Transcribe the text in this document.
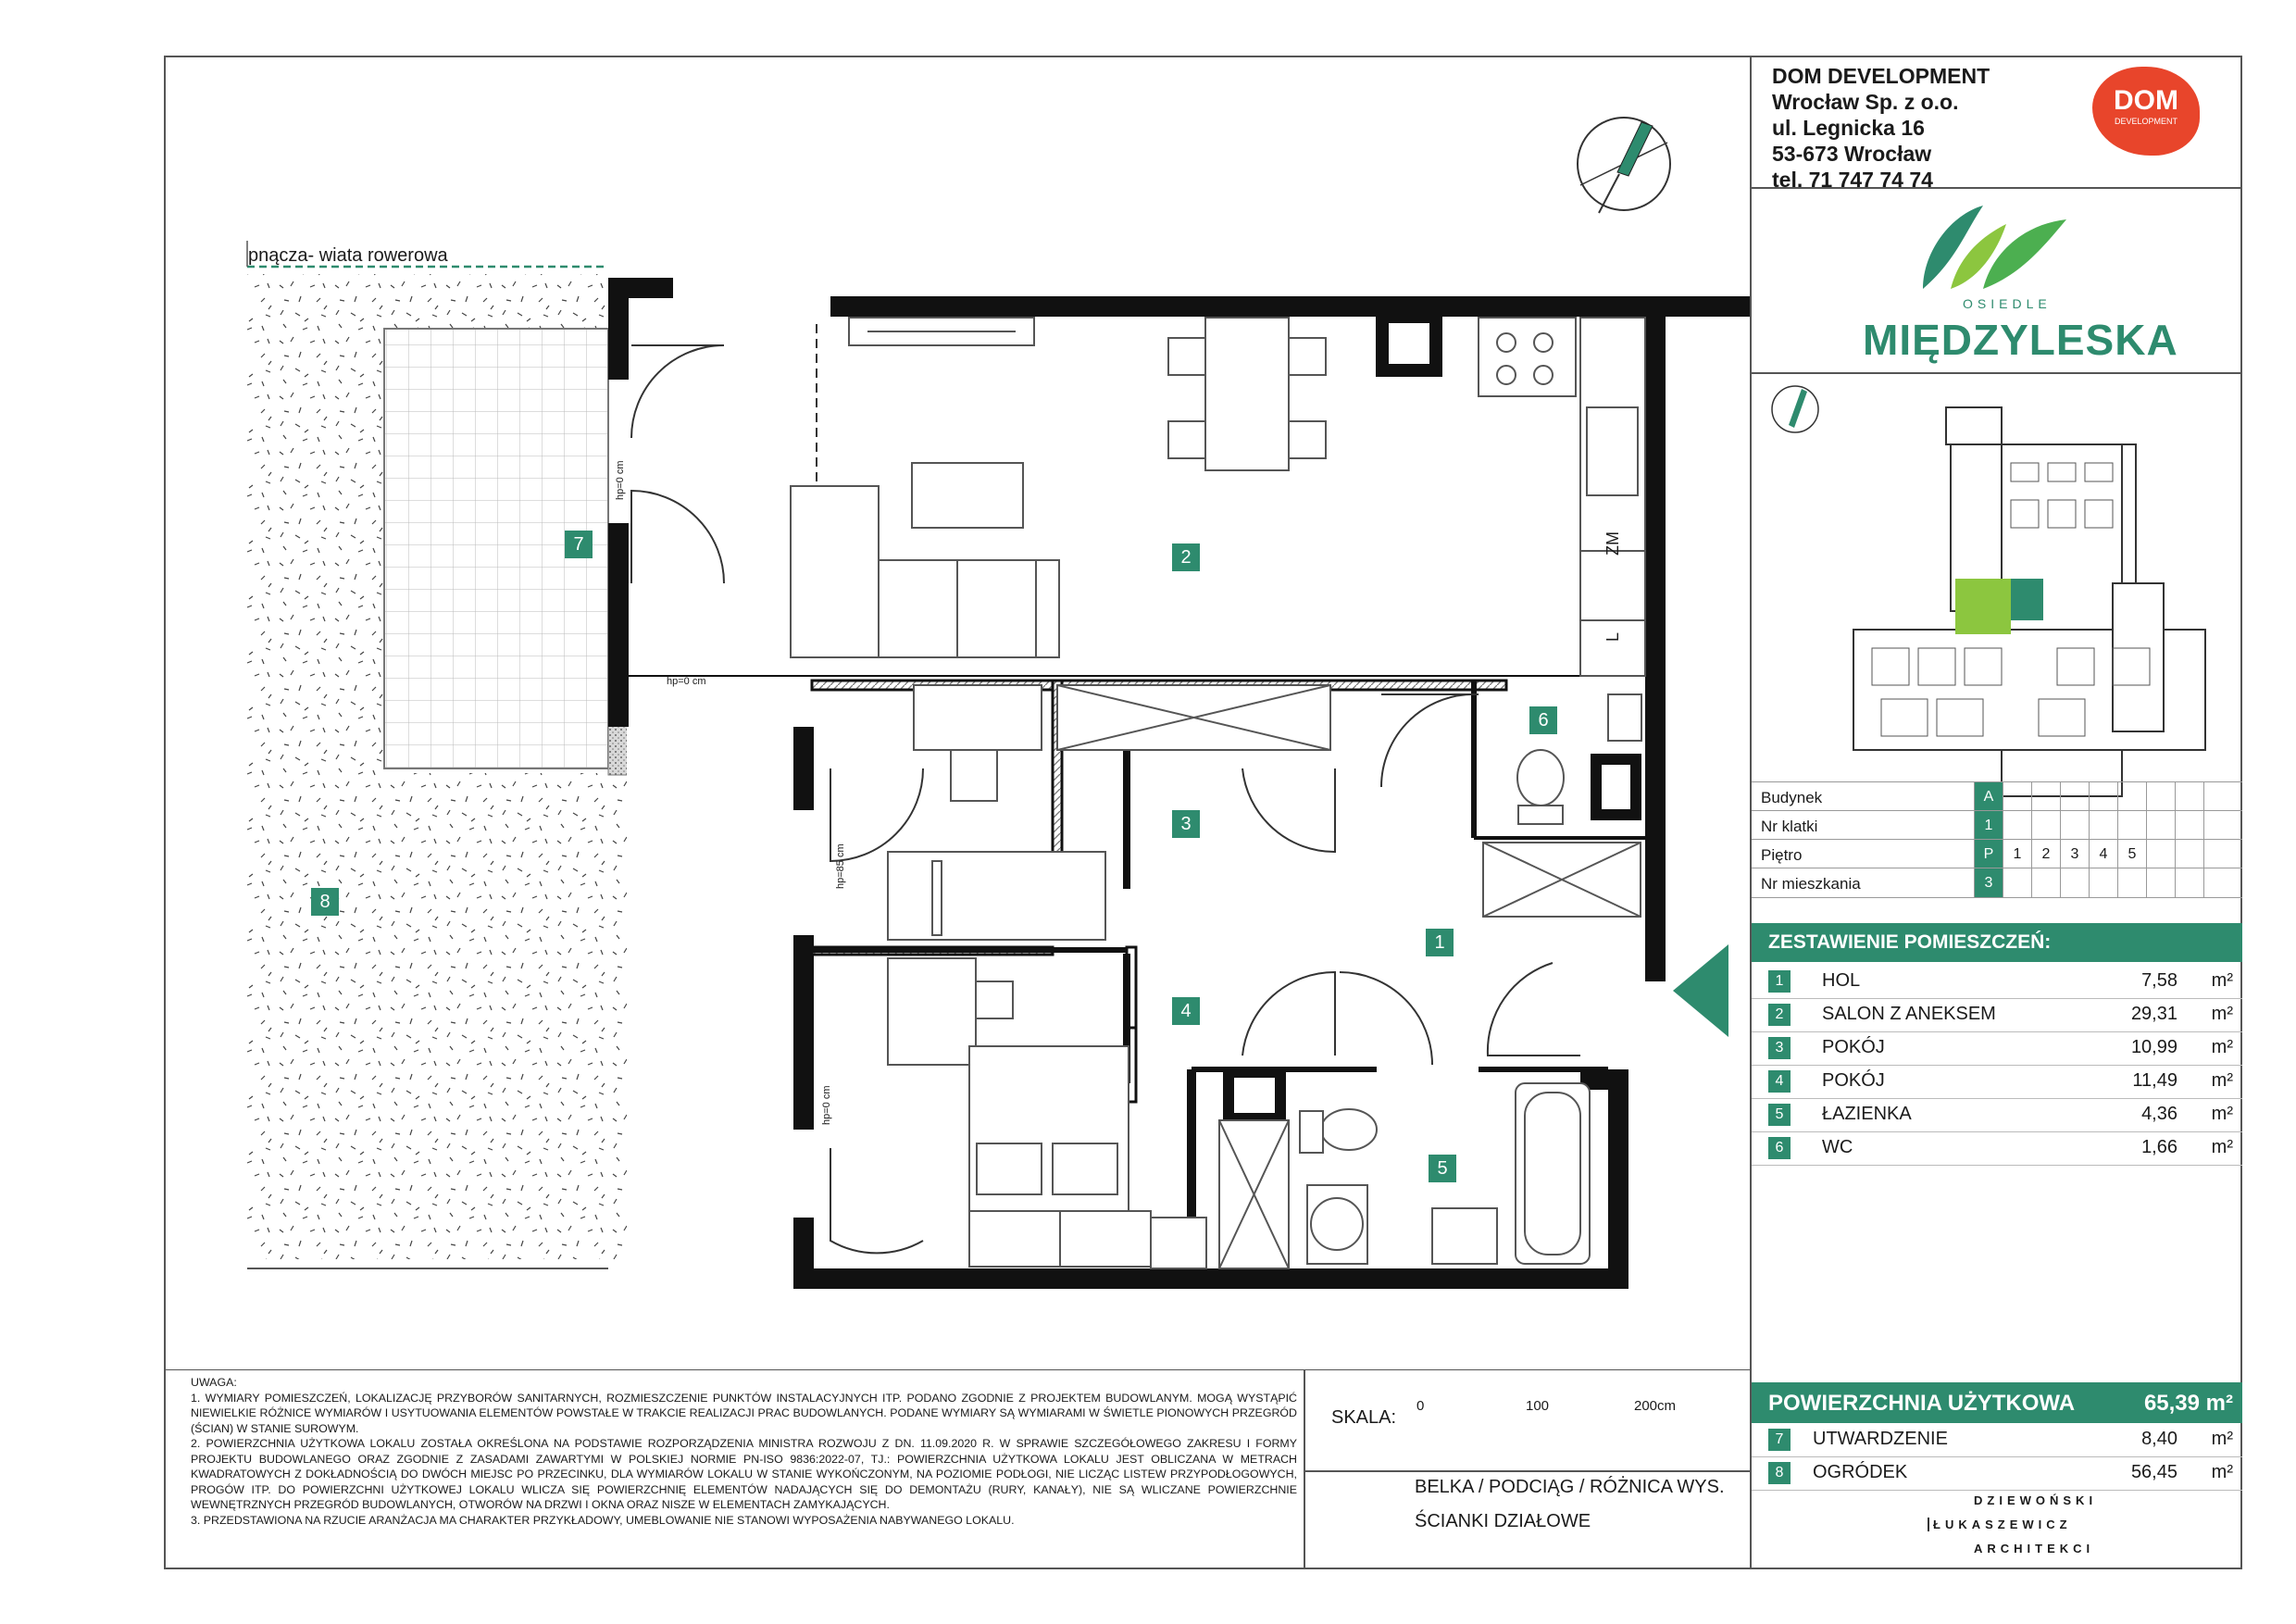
1
2
3
4
5
6
7
8
pnącza- wiata rowerowa
hp=0 cm
hp=0 cm
hp=85 cm
hp=0 cm
ZM
L

UWAGA:

1. WYMIARY POMIESZCZEŃ, LOKALIZACJĘ PRZYBORÓW SANITARNYCH, ROZMIESZCZENIE PUNKTÓW INSTALACYJNYCH ITP. PODANO ZGODNIE Z PROJEKTEM BUDOWLANYM. MOGĄ WYSTĄPIĆ NIEWIELKIE RÓŻNICE WYMIARÓW I USYTUOWANIA ELEMENTÓW POWSTAŁE W TRAKCIE REALIZACJI PRAC BUDOWLANYCH. PODANE WYMIARY SĄ WYMIARAMI W ŚWIETLE PIONOWYCH PRZEGRÓD (ŚCIAN) W STANIE SUROWYM.

2. POWIERZCHNIA UŻYTKOWA LOKALU ZOSTAŁA OKREŚLONA NA PODSTAWIE ROZPORZĄDZENIA MINISTRA ROZWOJU Z DN. 11.09.2020 R. W SPRAWIE SZCZEGÓŁOWEGO ZAKRESU I FORMY PROJEKTU BUDOWLANEGO ORAZ ZGODNIE Z ZASADAMI ZAWARTYMI W POLSKIEJ NORMIE PN-ISO 9836:2022-07, TJ.: POWIERZCHNIA UŻYTKOWA LOKALU JEST OBLICZANA W METRACH KWADRATOWYCH Z DOKŁADNOŚCIĄ DO DWÓCH MIEJSC PO PRZECINKU, DLA WYMIARÓW LOKALU W STANIE WYKOŃCZONYM, NA POZIOMIE PODŁOGI, NIE LICZĄC LISTEW PRZYPODŁOGOWYCH, PROGÓW ITP. DO POWIERZCHNI UŻYTKOWEJ LOKALU WLICZA SIĘ POWIERZCHNIĘ ELEMENTÓW NADAJĄCYCH SIĘ DO DEMONTAŻU (RURY, KANAŁY), NIE SĄ WLICZANE POWIERZCHNIE WEWNĘTRZNYCH PRZEGRÓD BUDOWLANYCH, OTWORÓW NA DRZWI I OKNA ORAZ NISZE W ELEMENTACH ZAMYKAJĄCYCH.

3. PRZEDSTAWIONA NA RZUCIE ARANŻACJA MA CHARAKTER PRZYKŁADOWY, UMEBLOWANIE NIE STANOWI WYPOSAŻENIA NABYWANEGO LOKALU.

SKALA:
0	100	200cm
BELKA / PODCIĄG / RÓŻNICA WYS.
ŚCIANKI DZIAŁOWE
DOM DEVELOPMENT
Wrocław Sp. z o.o.
ul. Legnicka 16
53-673 Wrocław
tel. 71 747 74 74
DOM
DEVELOPMENT
OSIEDLE
MIĘDZYLESKA
Budynek	A
Nr klatki	1
Piętro	P	1	2	3	4	5
Nr mieszkania	3
ZESTAWIENIE POMIESZCZEŃ:
1	HOL	7,58 m²
2	SALON Z ANEKSEM	29,31 m²
3	POKÓJ	10,99 m²
4	POKÓJ	11,49 m²
5	ŁAZIENKA	4,36 m²
6	WC	1,66 m²
POWIERZCHNIA UŻYTKOWA	65,39 m²
7	UTWARDZENIE	8,40 m²
8	OGRÓDEK	56,45 m²
DZIEWOŃSKI
ŁUKASZEWICZ
ARCHITEKCI
